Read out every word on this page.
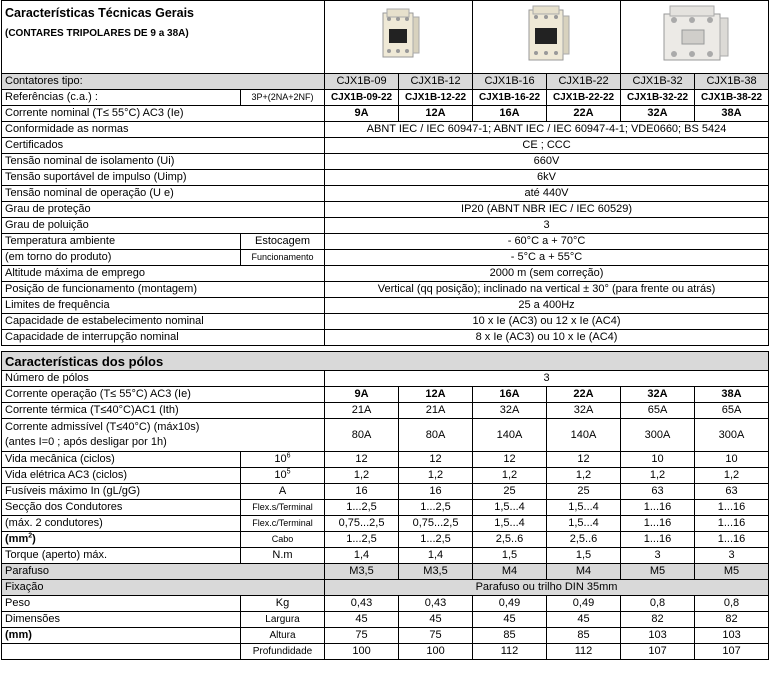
Características Técnicas Gerais
(CONTARES TRIPOLARES DE 9 a 38A)

Contatores tipo:		CJX1B-09	CJX1B-12	CJX1B-16	CJX1B-22	CJX1B-32	CJX1B-38
Referências (c.a.) :	3P+(2NA+2NF)	CJX1B-09-22	CJX1B-12-22	CJX1B-16-22	CJX1B-22-22	CJX1B-32-22	CJX1B-38-22
Corrente nominal (T≤ 55°C) AC3 (Ie)		9A	12A	16A	22A	32A	38A
Conformidade as normas		ABNT IEC / IEC 60947-1; ABNT IEC / IEC 60947-4-1; VDE0660; BS 5424					
Certificados		CE ; CCC					
Tensão nominal de isolamento (Ui)		660V					
Tensão suportável de impulso (Uimp)		6kV					
Tensão nominal de operação (U e)		até 440V					
Grau de proteção		IP20 (ABNT NBR IEC / IEC 60529)					
Grau de poluição		3					
Temperatura ambiente	Estocagem	- 60°C a + 70°C					
(em torno do produto)	Funcionamento	- 5°C a + 55°C					
Altitude máxima de emprego		2000 m (sem correção)					
Posição de funcionamento (montagem)		Vertical (qq posição); inclinado na vertical ± 30° (para frente ou atrás)					
Limites de frequência		25 a 400Hz					
Capacidade de estabelecimento nominal		10 x Ie (AC3) ou 12 x Ie (AC4)					
Capacidade de interrupção nominal		8 x Ie (AC3) ou 10 x Ie (AC4)					

Características dos pólos							
Número de pólos		3					
Corrente operação (T≤ 55°C) AC3 (Ie)		9A	12A	16A	22A	32A	38A
Corrente térmica (T≤40°C)AC1 (Ith)		21A	21A	32A	32A	65A	65A

Corrente admissível (T≤40°C) (máx10s)
(antes I=0 ; após desligar por 1h)		80A	80A	140A	140A	300A	300A
Vida mecânica (ciclos)	$10^6$	12	12	12	12	10	10
Vida elétrica AC3 (ciclos)	$10^5$	1,2	1,2	1,2	1,2	1,2	1,2
Fusíveis máximo In (gL/gG)	A	16	16	25	25	63	63
Secção dos Condutores	Flex.s/Terminal	1...2,5	1...2,5	1,5...4	1,5...4	1...16	1...16
(máx. 2 condutores)	Flex.c/Terminal	0,75...2,5	0,75...2,5	1,5...4	1,5...4	1...16	1...16
$(mm^2)$	Cabo	1...2,5	1...2,5	2,5..6	2,5..6	1...16	1...16
Torque (aperto) máx.	N.m	1,4	1,4	1,5	1,5	3	3
Parafuso		M3,5	M3,5	M4	M4	M5	M5
Fixação		Parafuso ou trilho DIN 35mm					
Peso	Kg	0,43	0,43	0,49	0,49	0,8	0,8
Dimensões	Largura	45	45	45	45	82	82
(mm)	Altura	75	75	85	85	103	103
	Profundidade	100	100	112	112	107	107
